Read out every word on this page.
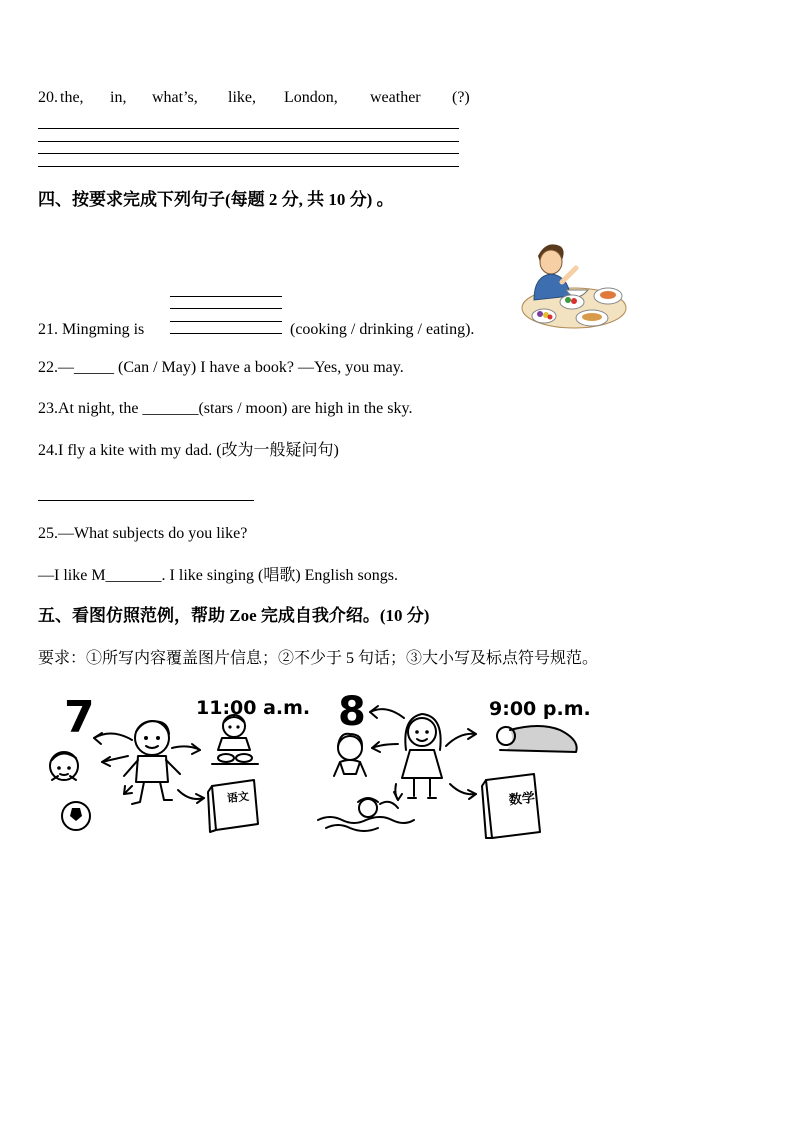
20. the, in, what’s, like, London, weather (?)
四、按要求完成下列句子(每题 2 分, 共 10 分) 。
21. Mingming is	(cooking / drinking / eating).
22.—_____ (Can / May) I have a book? —Yes, you may.
23.At night, the _______(stars / moon) are high in the sky.
24.I fly a kite with my dad. (改为一般疑问句)
25.—What subjects do you like?
—I like M_______. I like singing (唱歌) English songs.
五、看图仿照范例，帮助 Zoe 完成自我介绍。(10 分)
要求：①所写内容覆盖图片信息；②不少于 5 句话；③大小写及标点符号规范。
7	11:00 a.m.
语文
8	9:00 p.m.
数学
